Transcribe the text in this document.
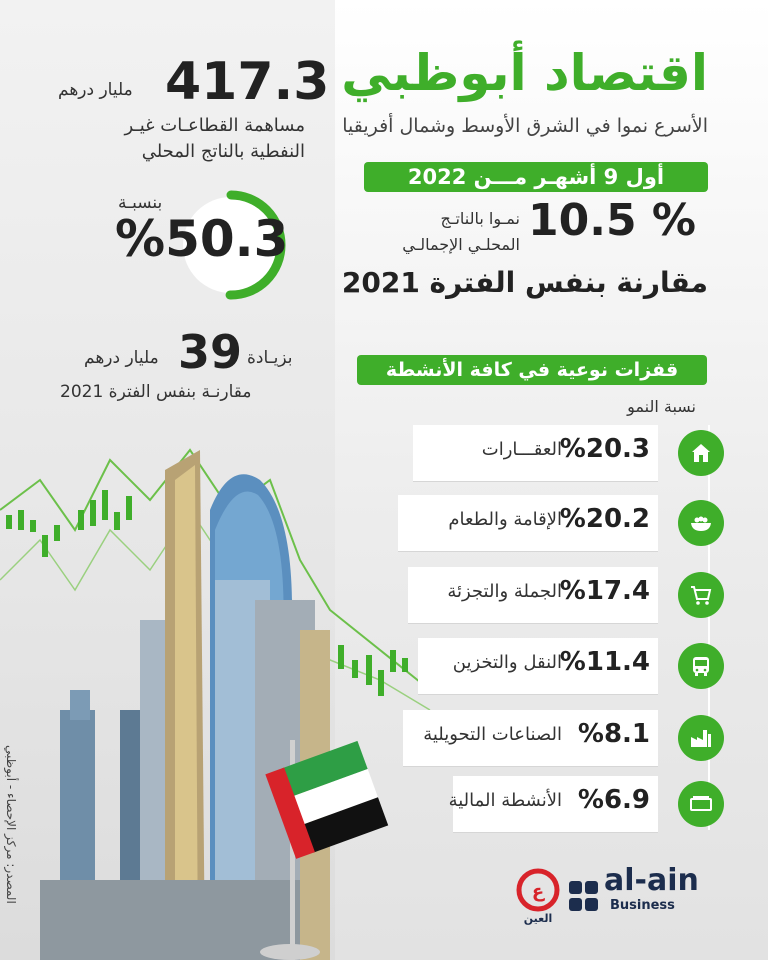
اقتصاد أبوظبي
الأسرع نموا في الشرق الأوسط وشمال أفريقيا
أول 9 أشهـر مـــن 2022
10.5 %
نمـوا بالناتـج
المحلـي الإجمالـي
مقارنة بنفس الفترة 2021
417.3
مليار درهم
مساهمة القطاعـات غيـر
النفطية بالناتج المحلي
بنسبـة
%50.3
مليار درهم 39 بزيـادة
مقارنـة بنفس الفترة 2021
قفزات نوعية في كافة الأنشطة
نسبة النمو
العقـــارات
%20.3
الإقامة والطعام
%20.2
الجملة والتجزئة
%17.4
النقل والتخزين
%11.4
الصناعات التحويلية %8.1
الأنشطة المالية %6.9
المصدر: مركز الإحصاء - أبوظبي	ع
العين
al-ain
Business
